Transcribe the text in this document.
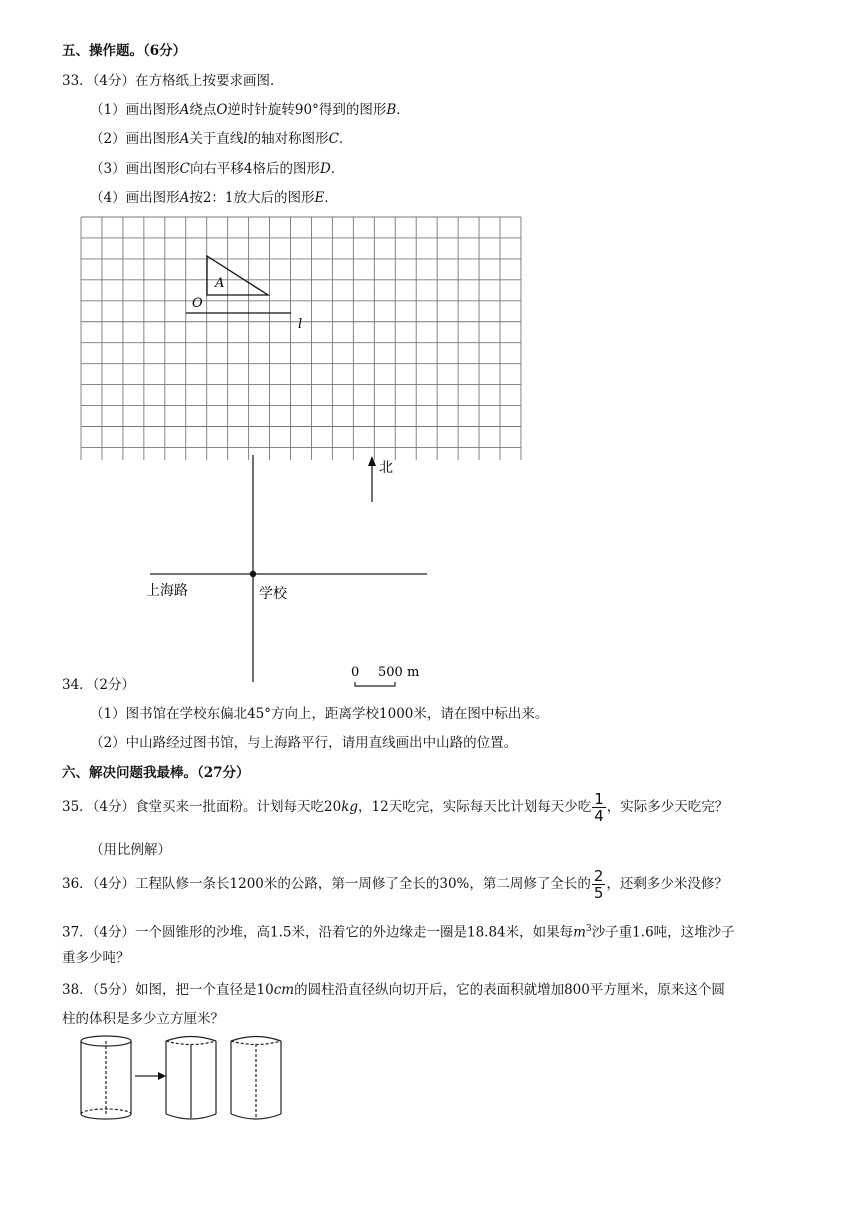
五、操作题。（6分）
33．（4分）在方格纸上按要求画图．
（1）画出图形A绕点O逆时针旋转90°得到的图形B．
（2）画出图形A关于直线l的轴对称图形C．
（3）画出图形C向右平移4格后的图形D．
（4）画出图形A按2：1放大后的图形E．
A
O
l
北
上海路	学校
0 500 m
34．（2分）
（1）图书馆在学校东偏北45°方向上，距离学校1000米，请在图中标出来。
（2）中山路经过图书馆，与上海路平行，请用直线画出中山路的位置。
六、解决问题我最棒。（27分）
35．（4分）食堂买来一批面粉。计划每天吃20kg，12天吃完，实际每天比计划每天少吃 $\frac{1}{4}$ ，实际多少天吃完？
（用比例解）
36．（4分）工程队修一条长1200米的公路，第一周修了全长的30%，第二周修了全长的 $\frac{2}{5}$ ，还剩多少米没修？
37．（4分）一个圆锥形的沙堆，高1.5米，沿着它的外边缘走一圈是18.84米，如果每$m^3$沙子重1.6吨，这堆沙子
重多少吨？
38．（5分）如图，把一个直径是10cm的圆柱沿直径纵向切开后，它的表面积就增加800平方厘米，原来这个圆
柱的体积是多少立方厘米？
